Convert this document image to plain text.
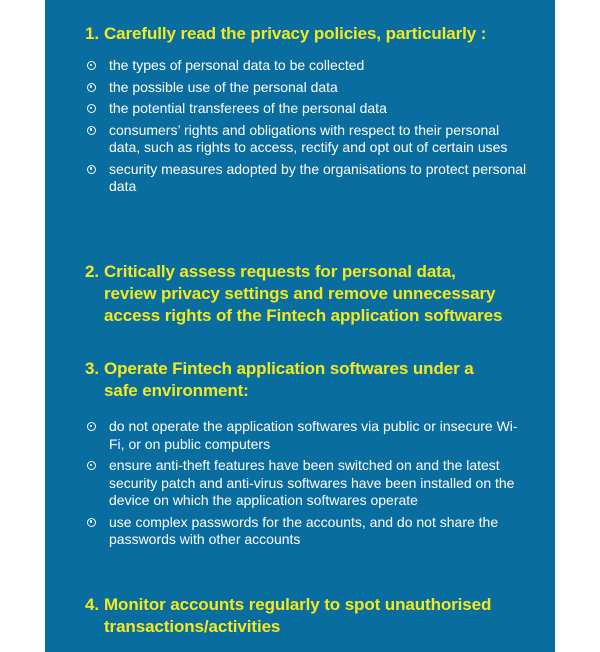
1. Carefully read the privacy policies, particularly :
the types of personal data to be collected
the possible use of the personal data
the potential transferees of the personal data
consumers’ rights and obligations with respect to their personal data, such as rights to access, rectify and opt out of certain uses
security measures adopted by the organisations to protect personal data
2. Critically assess requests for personal data,
review privacy settings and remove unnecessary
access rights of the Fintech application softwares
3. Operate Fintech application softwares under a
safe environment:
do not operate the application softwares via public or insecure Wi-Fi, or on public computers
ensure anti-theft features have been switched on and the latest security patch and anti-virus softwares have been installed on the device on which the application softwares operate
use complex passwords for the accounts, and do not share the passwords with other accounts
4. Monitor accounts regularly to spot unauthorised
transactions/activities
